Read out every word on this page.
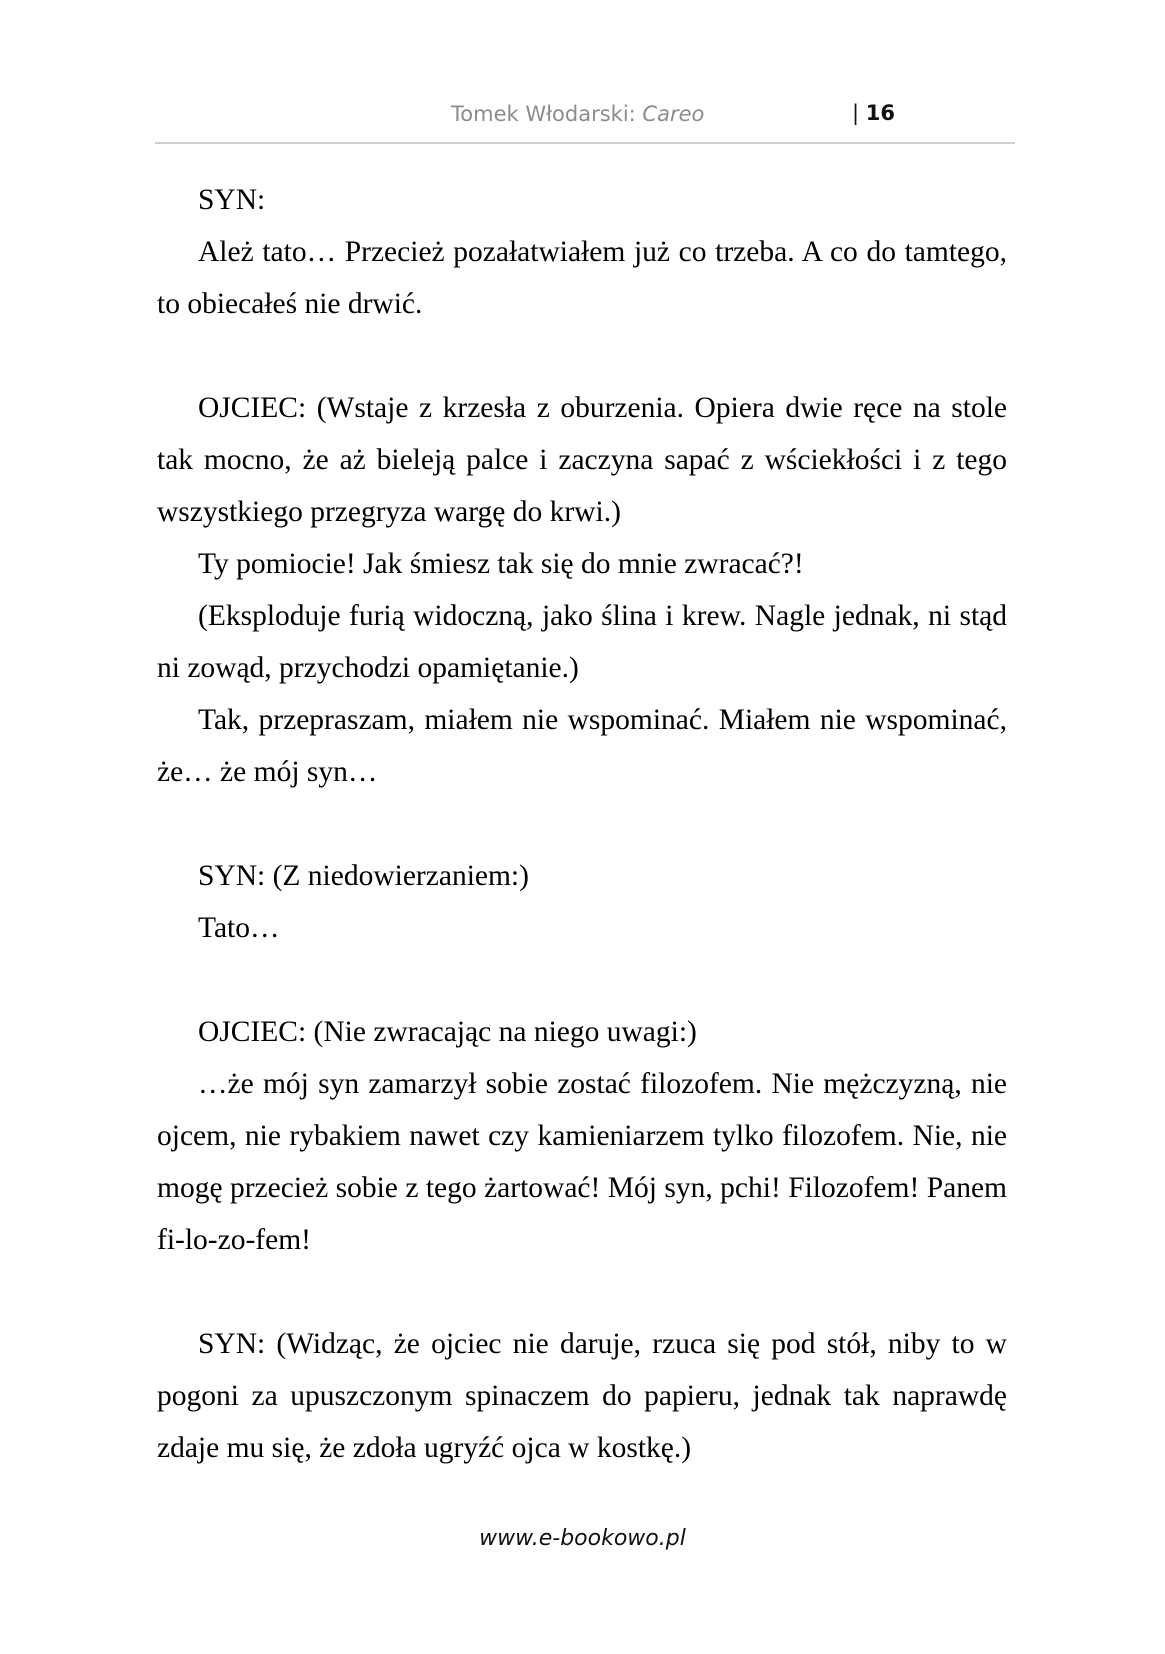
Tomek Włodarski: Careo	| 16

SYN:

Ależ tato… Przecież pozałatwiałem już co trzeba. A co do tamtego, to obiecałeś nie drwić.

OJCIEC: (Wstaje z krzesła z oburzenia. Opiera dwie ręce na stole tak mocno, że aż bieleją palce i zaczyna sapać z wściekłości i z tego wszystkiego przegryza wargę do krwi.)

Ty pomiocie! Jak śmiesz tak się do mnie zwracać?!

(Eksploduje furią widoczną, jako ślina i krew. Nagle jednak, ni stąd ni zowąd, przychodzi opamiętanie.)

Tak, przepraszam, miałem nie wspominać. Miałem nie wspominać, że… że mój syn…

SYN: (Z niedowierzaniem:)

Tato…

OJCIEC: (Nie zwracając na niego uwagi:)

…że mój syn zamarzył sobie zostać filozofem. Nie mężczyzną, nie ojcem, nie rybakiem nawet czy kamieniarzem tylko filozofem. Nie, nie mogę przecież sobie z tego żartować! Mój syn, pchi! Filozofem! Panem fi-lo-zo-fem!

SYN: (Widząc, że ojciec nie daruje, rzuca się pod stół, niby to w pogoni za upuszczonym spinaczem do papieru, jednak tak naprawdę zdaje mu się, że zdoła ugryźć ojca w kostkę.)

www.e-bookowo.pl
